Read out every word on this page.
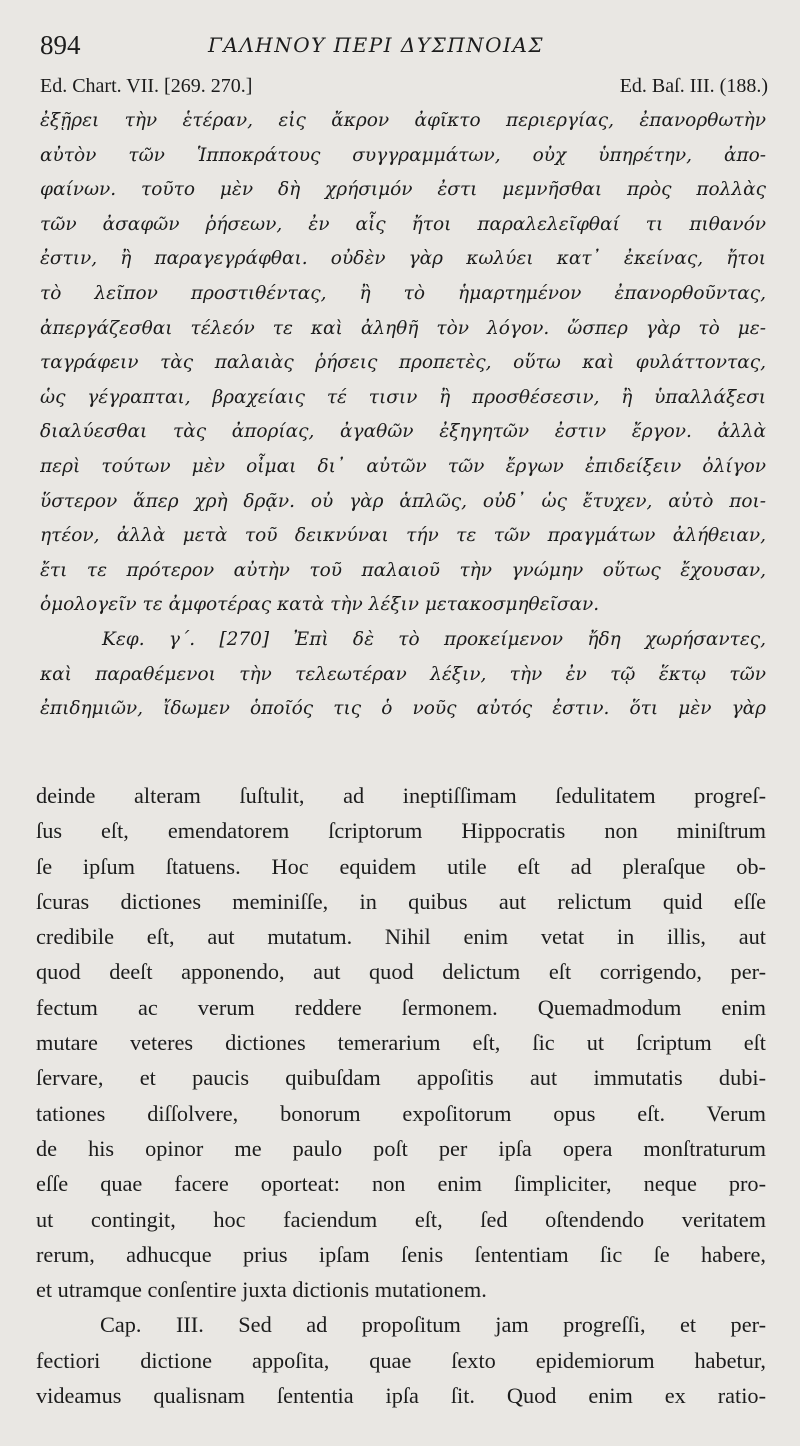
894	ΓΑΛΗΝΟΥ ΠΕΡΙ ΔΥΣΠΝΟΙΑΣ
Ed. Chart. VII. [269. 270.]	Ed. Baſ. III. (188.)
ἐξῇρει τὴν ἑτέραν, εἰς ἄκρον ἀφῖκτο περιεργίας, ἐπανορθωτὴν
αὐτὸν τῶν Ἱπποκράτους συγγραμμάτων, οὐχ ὑπηρέτην, ἀπο-
φαίνων. τοῦτο μὲν δὴ χρήσιμόν ἐστι μεμνῆσθαι πρὸς πολλὰς
τῶν ἀσαφῶν ῥήσεων, ἐν αἷς ἤτοι παραλελεῖφθαί τι πιθανόν
ἐστιν, ἢ παραγεγράφθαι. οὐδὲν γὰρ κωλύει κατ᾽ ἐκείνας, ἤτοι
τὸ λεῖπον προστιθέντας, ἢ τὸ ἡμαρτημένον ἐπανορθοῦντας,
ἀπεργάζεσθαι τέλεόν τε καὶ ἀληθῆ τὸν λόγον. ὥσπερ γὰρ τὸ με-
ταγράφειν τὰς παλαιὰς ῥήσεις προπετὲς, οὕτω καὶ φυλάττοντας,
ὡς γέγραπται, βραχείαις τέ τισιν ἢ προσθέσεσιν, ἢ ὑπαλλάξεσι
διαλύεσθαι τὰς ἀπορίας, ἀγαθῶν ἐξηγητῶν ἐστιν ἔργον. ἀλλὰ
περὶ τούτων μὲν οἶμαι δι᾽ αὐτῶν τῶν ἔργων ἐπιδείξειν ὀλίγον
ὕστερον ἅπερ χρὴ δρᾷν. οὐ γὰρ ἁπλῶς, οὐδ᾽ ὡς ἔτυχεν, αὐτὸ ποι-
ητέον, ἀλλὰ μετὰ τοῦ δεικνύναι τήν τε τῶν πραγμάτων ἀλήθειαν,
ἔτι τε πρότερον αὐτὴν τοῦ παλαιοῦ τὴν γνώμην οὕτως ἔχουσαν,
ὁμολογεῖν τε ἀμφοτέρας κατὰ τὴν λέξιν μετακοσμηθεῖσαν.
Κεφ. γ΄. [270] Ἐπὶ δὲ τὸ προκείμενον ἤδη χωρήσαντες,
καὶ παραθέμενοι τὴν τελεωτέραν λέξιν, τὴν ἐν τῷ ἕκτῳ τῶν
ἐπιδημιῶν, ἴδωμεν ὁποῖός τις ὁ νοῦς αὐτός ἐστιν. ὅτι μὲν γὰρ
deinde alteram ſuſtulit, ad ineptiſſimam ſedulitatem progreſ-
ſus eſt, emendatorem ſcriptorum Hippocratis non miniſtrum
ſe ipſum ſtatuens. Hoc equidem utile eſt ad pleraſque ob-
ſcuras dictiones meminiſſe, in quibus aut relictum quid eſſe
credibile eſt, aut mutatum. Nihil enim vetat in illis, aut
quod deeſt apponendo, aut quod delictum eſt corrigendo, per-
fectum ac verum reddere ſermonem. Quemadmodum enim
mutare veteres dictiones temerarium eſt, ſic ut ſcriptum eſt
ſervare, et paucis quibuſdam appoſitis aut immutatis dubi-
tationes diſſolvere, bonorum expoſitorum opus eſt. Verum
de his opinor me paulo poſt per ipſa opera monſtraturum
eſſe quae facere oporteat: non enim ſimpliciter, neque pro-
ut contingit, hoc faciendum eſt, ſed oſtendendo veritatem
rerum, adhucque prius ipſam ſenis ſententiam ſic ſe habere,
et utramque conſentire juxta dictionis mutationem.
Cap. III. Sed ad propoſitum jam progreſſi, et per-
fectiori dictione appoſita, quae ſexto epidemiorum habetur,
videamus qualisnam ſententia ipſa ſit. Quod enim ex ratio-
